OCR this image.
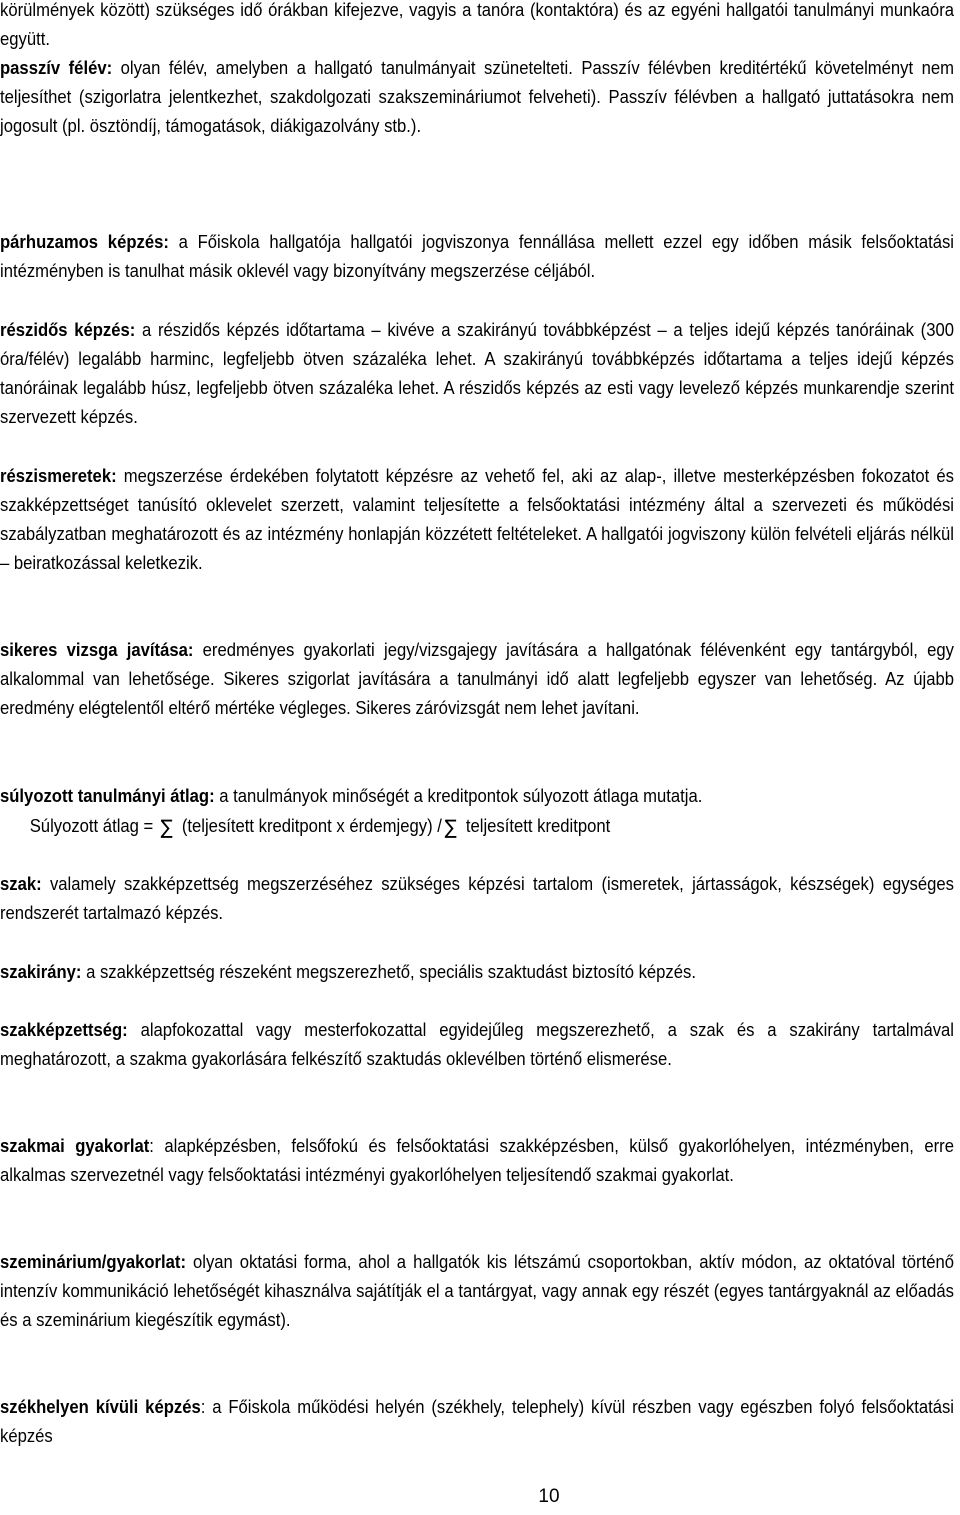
körülmények között) szükséges idő órákban kifejezve, vagyis a tanóra (kontaktóra) és az egyéni hallgatói tanulmányi munkaóra együtt.

passzív félév: olyan félév, amelyben a hallgató tanulmányait szünetelteti. Passzív félévben kreditértékű követelményt nem teljesíthet (szigorlatra jelentkezhet, szakdolgozati szakszemináriumot felveheti). Passzív félévben a hallgató juttatásokra nem jogosult (pl. ösztöndíj, támogatások, diákigazolvány stb.).

párhuzamos képzés: a Főiskola hallgatója hallgatói jogviszonya fennállása mellett ezzel egy időben másik felsőoktatási intézményben is tanulhat másik oklevél vagy bizonyítvány megszerzése céljából.

részidős képzés: a részidős képzés időtartama – kivéve a szakirányú továbbképzést – a teljes idejű képzés tanóráinak (300 óra/félév) legalább harminc, legfeljebb ötven százaléka lehet. A szakirányú továbbképzés időtartama a teljes idejű képzés tanóráinak legalább húsz, legfeljebb ötven százaléka lehet. A részidős képzés az esti vagy levelező képzés munkarendje szerint szervezett képzés.

részismeretek: megszerzése érdekében folytatott képzésre az vehető fel, aki az alap-, illetve mesterképzésben fokozatot és szakképzettséget tanúsító oklevelet szerzett, valamint teljesítette a felsőoktatási intézmény által a szervezeti és működési szabályzatban meghatározott és az intézmény honlapján közzétett feltételeket. A hallgatói jogviszony külön felvételi eljárás nélkül – beiratkozással keletkezik.

sikeres vizsga javítása: eredményes gyakorlati jegy/vizsgajegy javítására a hallgatónak félévenként egy tantárgyból, egy alkalommal van lehetősége. Sikeres szigorlat javítására a tanulmányi idő alatt legfeljebb egyszer van lehetőség. Az újabb eredmény elégtelentől eltérő mértéke végleges. Sikeres záróvizsgát nem lehet javítani.

súlyozott tanulmányi átlag: a tanulmányok minőségét a kreditpontok súlyozott átlaga mutatja.

Súlyozott átlag = ∑ (teljesített kreditpont x érdemjegy) / ∑ teljesített kreditpont

szak: valamely szakképzettség megszerzéséhez szükséges képzési tartalom (ismeretek, jártasságok, készségek) egységes rendszerét tartalmazó képzés.

szakirány: a szakképzettség részeként megszerezhető, speciális szaktudást biztosító képzés.

szakképzettség: alapfokozattal vagy mesterfokozattal egyidejűleg megszerezhető, a szak és a szakirány tartalmával meghatározott, a szakma gyakorlására felkészítő szaktudás oklevélben történő elismerése.

szakmai gyakorlat: alapképzésben, felsőfokú és felsőoktatási szakképzésben, külső gyakorlóhelyen, intézményben, erre alkalmas szervezetnél vagy felsőoktatási intézményi gyakorlóhelyen teljesítendő szakmai gyakorlat.

szeminárium/gyakorlat: olyan oktatási forma, ahol a hallgatók kis létszámú csoportokban, aktív módon, az oktatóval történő intenzív kommunikáció lehetőségét kihasználva sajátítják el a tantárgyat, vagy annak egy részét (egyes tantárgyaknál az előadás és a szeminárium kiegészítik egymást).

székhelyen kívüli képzés: a Főiskola működési helyén (székhely, telephely) kívül részben vagy egészben folyó felsőoktatási képzés

10
